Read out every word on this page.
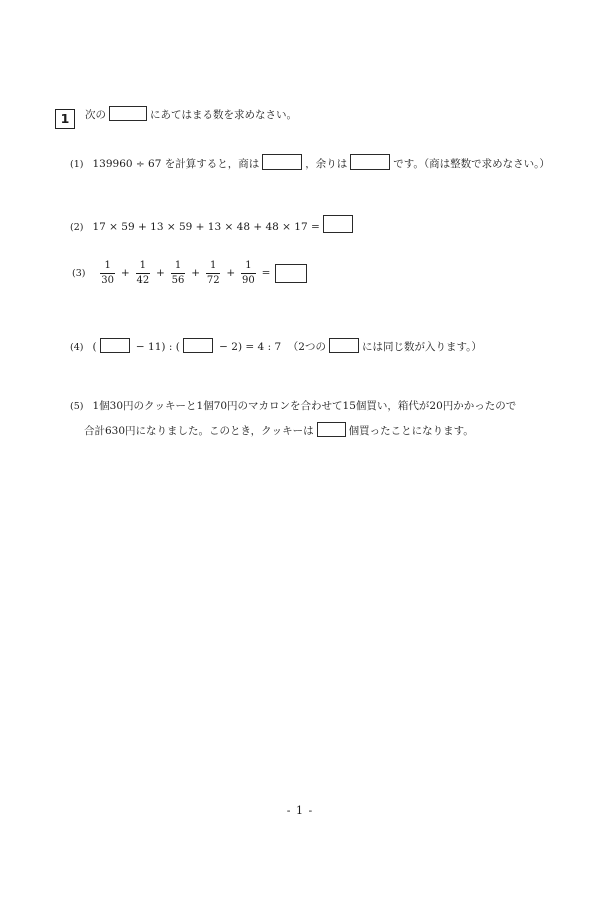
1 次の	にあてはまる数を求めなさい。
(1) 139960 ÷ 67 を計算すると，商は	，余りは	です。（商は整数で求めなさい。）
(2) 17 × 59 + 13 × 59 + 13 × 48 + 48 × 17 =
$(3) \frac{1}{30} + \frac{1}{42} + \frac{1}{56} + \frac{1}{72} + \frac{1}{90}$ =
(4) (	− 11) : (	− 2) = 4 : 7  （2つの	には同じ数が入ります。）
(5) 1個30円のクッキーと1個70円のマカロンを合わせて15個買い，箱代が20円かかったので
合計630円になりました。このとき，クッキーは	個買ったことになります。
- 1 -
